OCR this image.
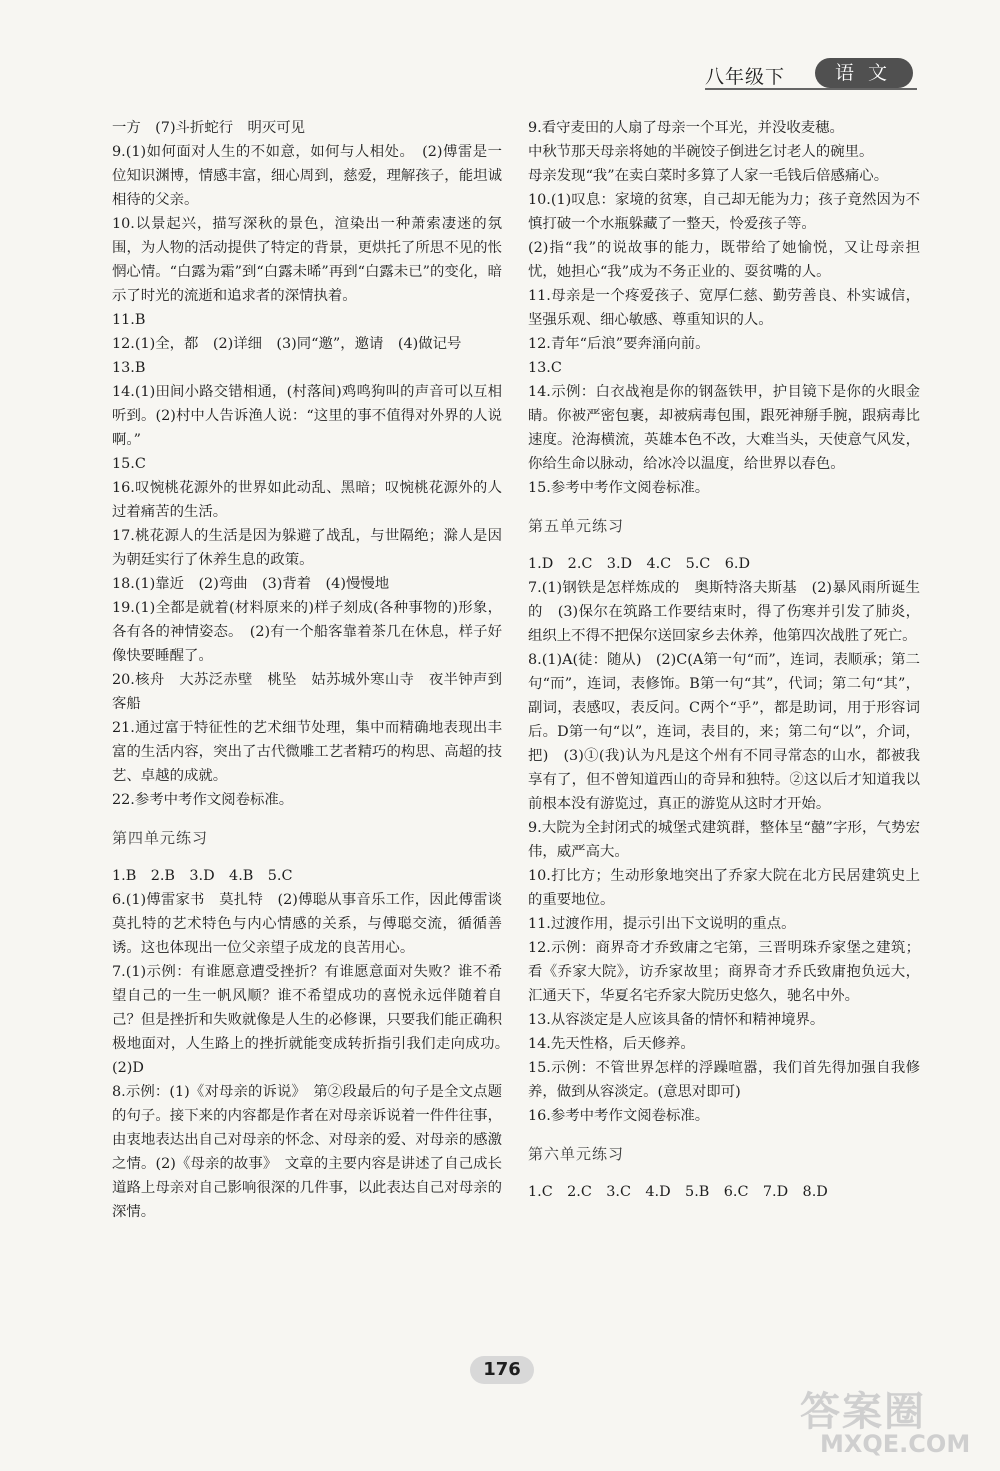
八年级下	语文

一方　(7)斗折蛇行　明灭可见

9.(1)如何面对人生的不如意，如何与人相处。　(2)傅雷是一位知识渊博，情感丰富，细心周到，慈爱，理解孩子，能坦诚相待的父亲。

10.以景起兴，描写深秋的景色，渲染出一种萧索凄迷的氛围，为人物的活动提供了特定的背景，更烘托了所思不见的怅惘心情。“白露为霜”到“白露未晞”再到“白露未已”的变化，暗示了时光的流逝和追求者的深情执着。

11.B

12.(1)全，都　(2)详细　(3)同“邀”，邀请　(4)做记号

13.B

14.(1)田间小路交错相通，(村落间)鸡鸣狗叫的声音可以互相听到。(2)村中人告诉渔人说：“这里的事不值得对外界的人说啊。”

15.C

16.叹惋桃花源外的世界如此动乱、黑暗；叹惋桃花源外的人过着痛苦的生活。

17.桃花源人的生活是因为躲避了战乱，与世隔绝；滁人是因为朝廷实行了休养生息的政策。

18.(1)靠近　(2)弯曲　(3)背着　(4)慢慢地

19.(1)全都是就着(材料原来的)样子刻成(各种事物的)形象，各有各的神情姿态。　(2)有一个船客靠着茶几在休息，样子好像快要睡醒了。

20.核舟　大苏泛赤壁　桃坠　姑苏城外寒山寺　夜半钟声到客船

21.通过富于特征性的艺术细节处理，集中而精确地表现出丰富的生活内容，突出了古代微雕工艺者精巧的构思、高超的技艺、卓越的成就。

22.参考中考作文阅卷标准。

第四单元练习

1.B　2.B　3.D　4.B　5.C

6.(1)傅雷家书　莫扎特　(2)傅聪从事音乐工作，因此傅雷谈莫扎特的艺术特色与内心情感的关系，与傅聪交流，循循善诱。这也体现出一位父亲望子成龙的良苦用心。

7.(1)示例：有谁愿意遭受挫折？有谁愿意面对失败？谁不希望自己的一生一帆风顺？谁不希望成功的喜悦永远伴随着自己？但是挫折和失败就像是人生的必修课，只要我们能正确积极地面对，人生路上的挫折就能变成转折指引我们走向成功。　(2)D

8.示例：(1)《对母亲的诉说》　第②段最后的句子是全文点题的句子。接下来的内容都是作者在对母亲诉说着一件件往事，由衷地表达出自己对母亲的怀念、对母亲的爱、对母亲的感激之情。(2)《母亲的故事》　文章的主要内容是讲述了自己成长道路上母亲对自己影响很深的几件事，以此表达自己对母亲的深情。

9.看守麦田的人扇了母亲一个耳光，并没收麦穗。

中秋节那天母亲将她的半碗饺子倒进乞讨老人的碗里。

母亲发现“我”在卖白菜时多算了人家一毛钱后倍感痛心。

10.(1)叹息：家境的贫寒，自己却无能为力；孩子竟然因为不慎打破一个水瓶躲藏了一整天，怜爱孩子等。

(2)指“我”的说故事的能力，既带给了她愉悦，又让母亲担忧，她担心“我”成为不务正业的、耍贫嘴的人。

11.母亲是一个疼爱孩子、宽厚仁慈、勤劳善良、朴实诚信，坚强乐观、细心敏感、尊重知识的人。

12.青年“后浪”要奔涌向前。

13.C

14.示例：白衣战袍是你的钢盔铁甲，护目镜下是你的火眼金睛。你被严密包裹，却被病毒包围，跟死神掰手腕，跟病毒比速度。沧海横流，英雄本色不改，大难当头，天使意气风发，你给生命以脉动，给冰冷以温度，给世界以春色。

15.参考中考作文阅卷标准。

第五单元练习

1.D　2.C　3.D　4.C　5.C　6.D

7.(1)钢铁是怎样炼成的　奥斯特洛夫斯基　(2)暴风雨所诞生的　(3)保尔在筑路工作要结束时，得了伤寒并引发了肺炎，组织上不得不把保尔送回家乡去休养，他第四次战胜了死亡。

8.(1)A(徒：随从)　(2)C(A第一句“而”，连词，表顺承；第二句“而”，连词，表修饰。B第一句“其”，代词；第二句“其”，副词，表感叹，表反问。C两个“乎”，都是助词，用于形容词后。D第一句“以”，连词，表目的，来；第二句“以”，介词，把)　(3)①(我)认为凡是这个州有不同寻常态的山水，都被我享有了，但不曾知道西山的奇异和独特。②这以后才知道我以前根本没有游览过，真正的游览从这时才开始。

9.大院为全封闭式的城堡式建筑群，整体呈“囍”字形，气势宏伟，威严高大。

10.打比方；生动形象地突出了乔家大院在北方民居建筑史上的重要地位。

11.过渡作用，提示引出下文说明的重点。

12.示例：商界奇才乔致庸之宅第，三晋明珠乔家堡之建筑；看《乔家大院》，访乔家故里；商界奇才乔氏致庸抱负远大，汇通天下，华夏名宅乔家大院历史悠久，驰名中外。

13.从容淡定是人应该具备的情怀和精神境界。

14.先天性格，后天修养。

15.示例：不管世界怎样的浮躁喧嚣，我们首先得加强自我修养，做到从容淡定。(意思对即可)

16.参考中考作文阅卷标准。

第六单元练习

1.C　2.C　3.C　4.D　5.B　6.C　7.D　8.D

176
答案圈
MXQE.COM
